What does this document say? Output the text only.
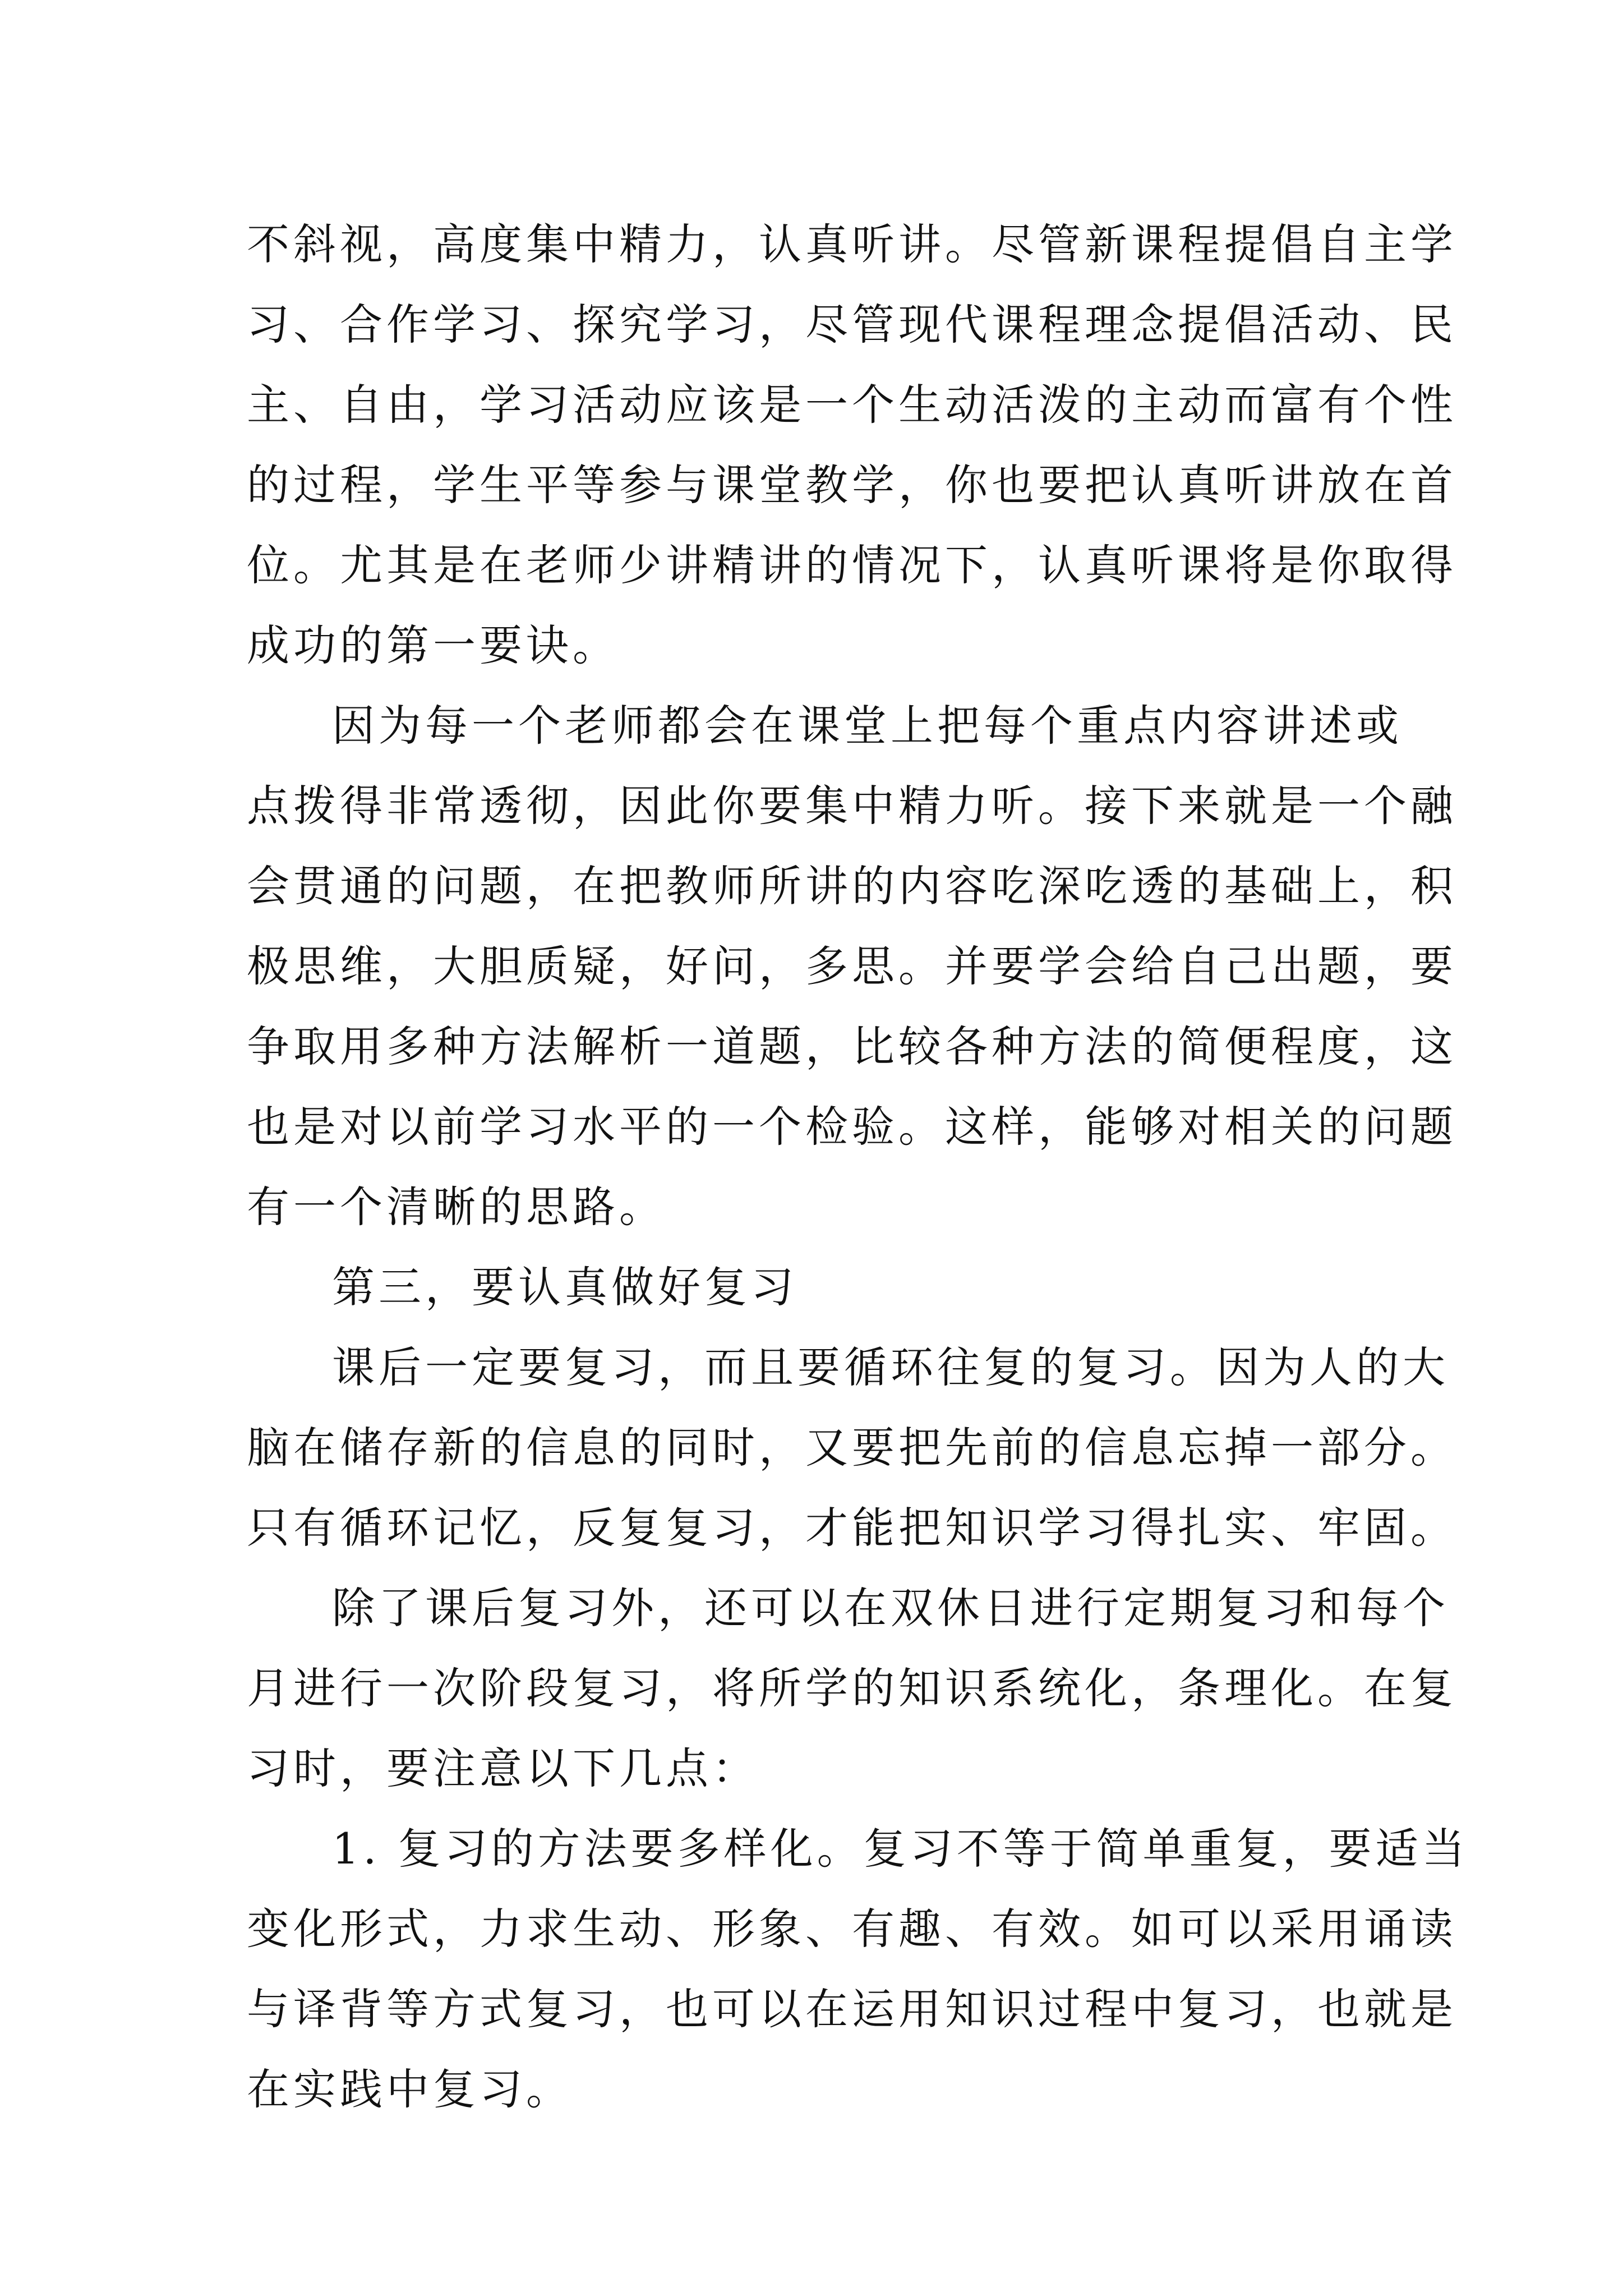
不斜视，高度集中精力，认真听讲。尽管新课程提倡自主学
习、合作学习、探究学习，尽管现代课程理念提倡活动、民
主、自由，学习活动应该是一个生动活泼的主动而富有个性
的过程，学生平等参与课堂教学，你也要把认真听讲放在首
位。尤其是在老师少讲精讲的情况下，认真听课将是你取得
成功的第一要诀。
因为每一个老师都会在课堂上把每个重点内容讲述或
点拨得非常透彻，因此你要集中精力听。接下来就是一个融
会贯通的问题，在把教师所讲的内容吃深吃透的基础上，积
极思维，大胆质疑，好问，多思。并要学会给自己出题，要
争取用多种方法解析一道题，比较各种方法的简便程度，这
也是对以前学习水平的一个检验。这样，能够对相关的问题
有一个清晰的思路。
第三，要认真做好复习
课后一定要复习，而且要循环往复的复习。因为人的大
脑在储存新的信息的同时，又要把先前的信息忘掉一部分。
只有循环记忆，反复复习，才能把知识学习得扎实、牢固。
除了课后复习外，还可以在双休日进行定期复习和每个
月进行一次阶段复习，将所学的知识系统化，条理化。在复
习时，要注意以下几点：
1. 复习的方法要多样化。复习不等于简单重复，要适当
变化形式，力求生动、形象、有趣、有效。如可以采用诵读
与译背等方式复习，也可以在运用知识过程中复习，也就是
在实践中复习。
